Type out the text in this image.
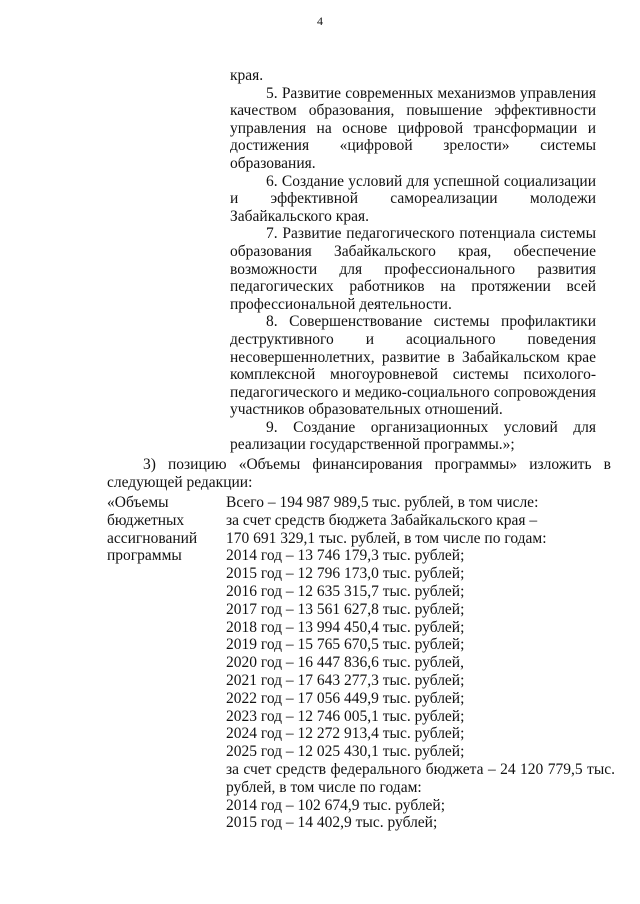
4

края.

5. Развитие современных механизмов управления качеством образования, повышение эффективности управления на основе цифровой трансформации и достижения «цифровой зрелости» системы образования.

6. Создание условий для успешной социализации и эффективной самореализации молодежи Забайкальского края.

7. Развитие педагогического потенциала системы образования Забайкальского края, обеспечение возможности для профессионального развития педагогических работников на протяжении всей профессиональной деятельности.

8. Совершенствование системы профилактики деструктивного и асоциального поведения несовершеннолетних, развитие в Забайкальском крае комплексной многоуровневой системы психолого-педагогического и медико-социального сопровождения участников образовательных отношений.

9. Создание организационных условий для реализации государственной программы.»;

3) позицию «Объемы финансирования программы» изложить в следующей редакции:

«Объемы
бюджетных
ассигнований
программы
Всего – 194 987 989,5 тыс. рублей, в том числе:
за счет средств бюджета Забайкальского края –
170 691 329,1 тыс. рублей, в том числе по годам:
2014 год – 13 746 179,3 тыс. рублей;
2015 год – 12 796 173,0 тыс. рублей;
2016 год – 12 635 315,7 тыс. рублей;
2017 год – 13 561 627,8 тыс. рублей;
2018 год – 13 994 450,4 тыс. рублей;
2019 год – 15 765 670,5 тыс. рублей;
2020 год – 16 447 836,6 тыс. рублей,
2021 год – 17 643 277,3 тыс. рублей;
2022 год – 17 056 449,9 тыс. рублей;
2023 год – 12 746 005,1 тыс. рублей;
2024 год – 12 272 913,4 тыс. рублей;
2025 год – 12 025 430,1 тыс. рублей;
за счет средств федерального бюджета – 24 120 779,5 тыс.
рублей, в том числе по годам:
2014 год – 102 674,9 тыс. рублей;
2015 год – 14 402,9 тыс. рублей;
